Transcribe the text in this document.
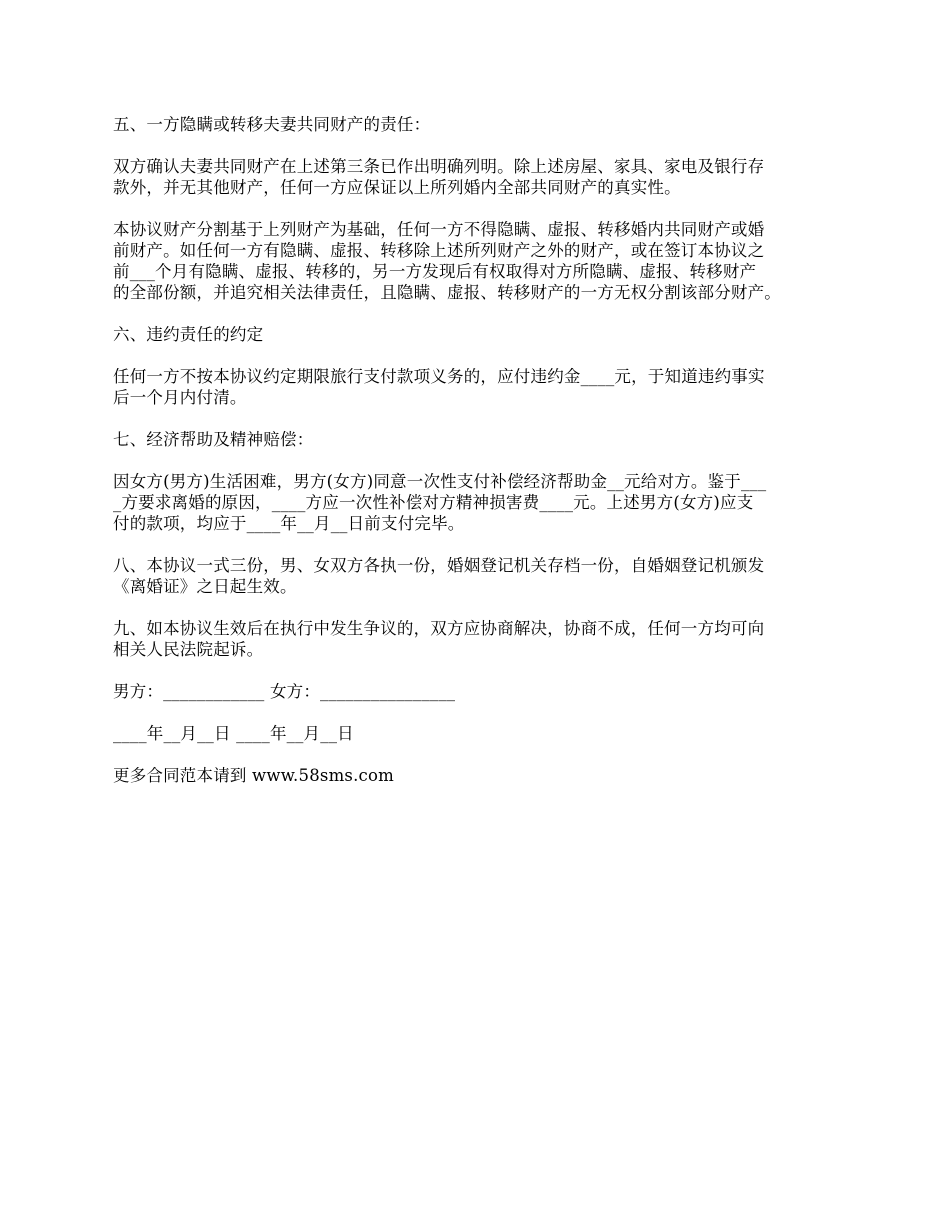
五、一方隐瞒或转移夫妻共同财产的责任：

双方确认夫妻共同财产在上述第三条已作出明确列明。除上述房屋、家具、家电及银行存
款外，并无其他财产，任何一方应保证以上所列婚内全部共同财产的真实性。

本协议财产分割基于上列财产为基础，任何一方不得隐瞒、虚报、转移婚内共同财产或婚
前财产。如任何一方有隐瞒、虚报、转移除上述所列财产之外的财产，或在签订本协议之
前___个月有隐瞒、虚报、转移的，另一方发现后有权取得对方所隐瞒、虚报、转移财产
的全部份额，并追究相关法律责任，且隐瞒、虚报、转移财产的一方无权分割该部分财产。

六、违约责任的约定

任何一方不按本协议约定期限旅行支付款项义务的，应付违约金____元，于知道违约事实
后一个月内付清。

七、经济帮助及精神赔偿：

因女方(男方)生活困难，男方(女方)同意一次性支付补偿经济帮助金__元给对方。鉴于___
_方要求离婚的原因，____方应一次性补偿对方精神损害费____元。上述男方(女方)应支
付的款项，均应于____年__月__日前支付完毕。

八、本协议一式三份，男、女双方各执一份，婚姻登记机关存档一份，自婚姻登记机颁发
《离婚证》之日起生效。

九、如本协议生效后在执行中发生争议的，双方应协商解决，协商不成，任何一方均可向
相关人民法院起诉。

男方：____________ 女方：________________

____年__月__日 ____年__月__日

更多合同范本请到 www.58sms.com
